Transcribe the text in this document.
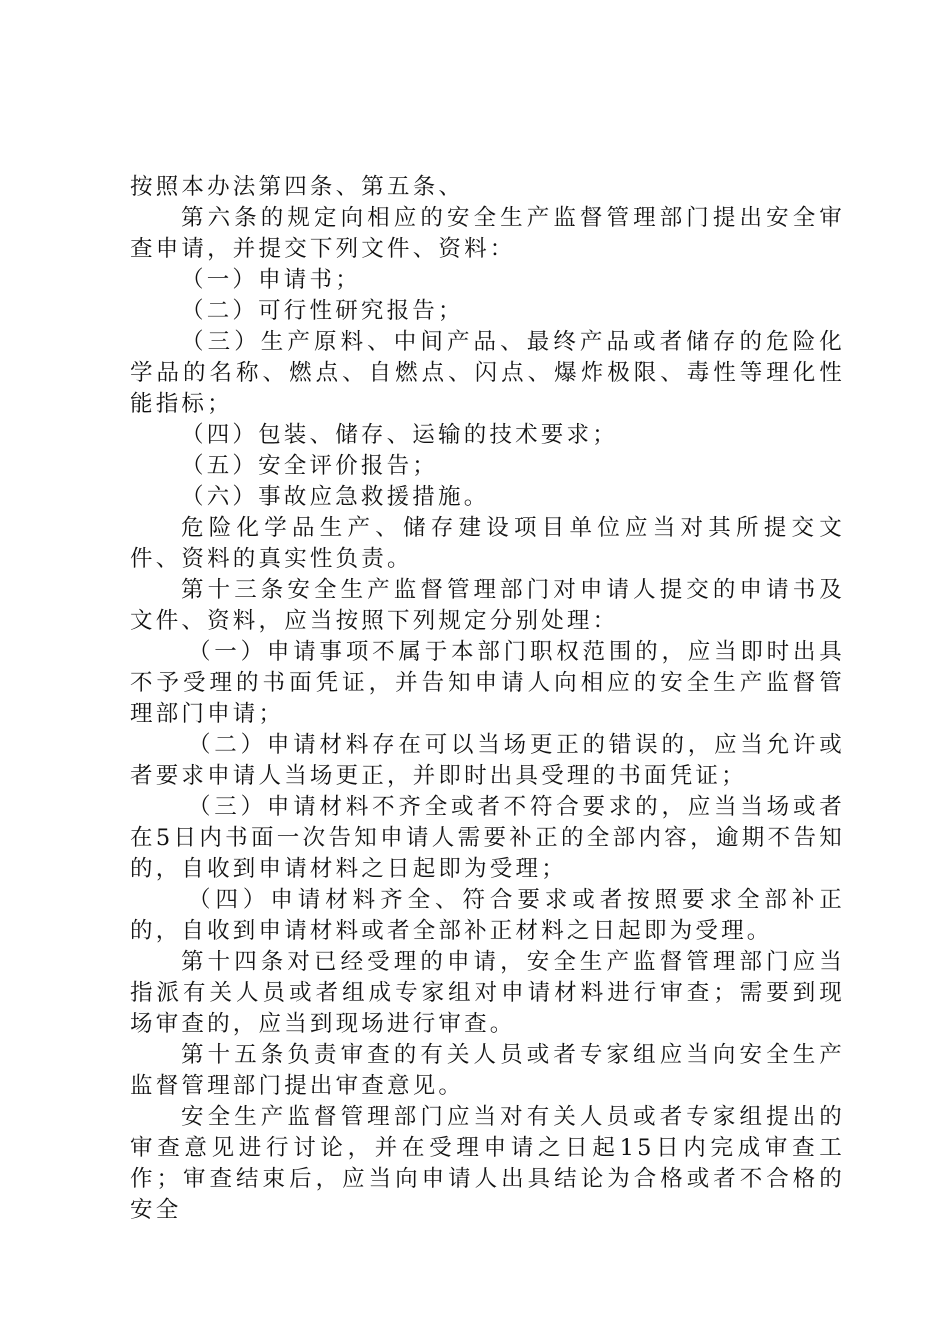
按照本办法第四条、第五条、

第六条的规定向相应的安全生产监督管理部门提出安全审查申请，并提交下列文件、资料：

（一）申请书；

（二）可行性研究报告；

（三）生产原料、中间产品、最终产品或者储存的危险化学品的名称、燃点、自燃点、闪点、爆炸极限、毒性等理化性能指标；

（四）包装、储存、运输的技术要求；

（五）安全评价报告；

（六）事故应急救援措施。

危险化学品生产、储存建设项目单位应当对其所提交文件、资料的真实性负责。

第十三条安全生产监督管理部门对申请人提交的申请书及文件、资料，应当按照下列规定分别处理：

（一）申请事项不属于本部门职权范围的，应当即时出具不予受理的书面凭证，并告知申请人向相应的安全生产监督管理部门申请；

（二）申请材料存在可以当场更正的错误的，应当允许或者要求申请人当场更正，并即时出具受理的书面凭证；

（三）申请材料不齐全或者不符合要求的，应当当场或者在5日内书面一次告知申请人需要补正的全部内容，逾期不告知的，自收到申请材料之日起即为受理；

（四）申请材料齐全、符合要求或者按照要求全部补正的，自收到申请材料或者全部补正材料之日起即为受理。

第十四条对已经受理的申请，安全生产监督管理部门应当指派有关人员或者组成专家组对申请材料进行审查；需要到现场审查的，应当到现场进行审查。

第十五条负责审查的有关人员或者专家组应当向安全生产监督管理部门提出审查意见。

安全生产监督管理部门应当对有关人员或者专家组提出的审查意见进行讨论，并在受理申请之日起15日内完成审查工作；审查结束后，应当向申请人出具结论为合格或者不合格的安全
